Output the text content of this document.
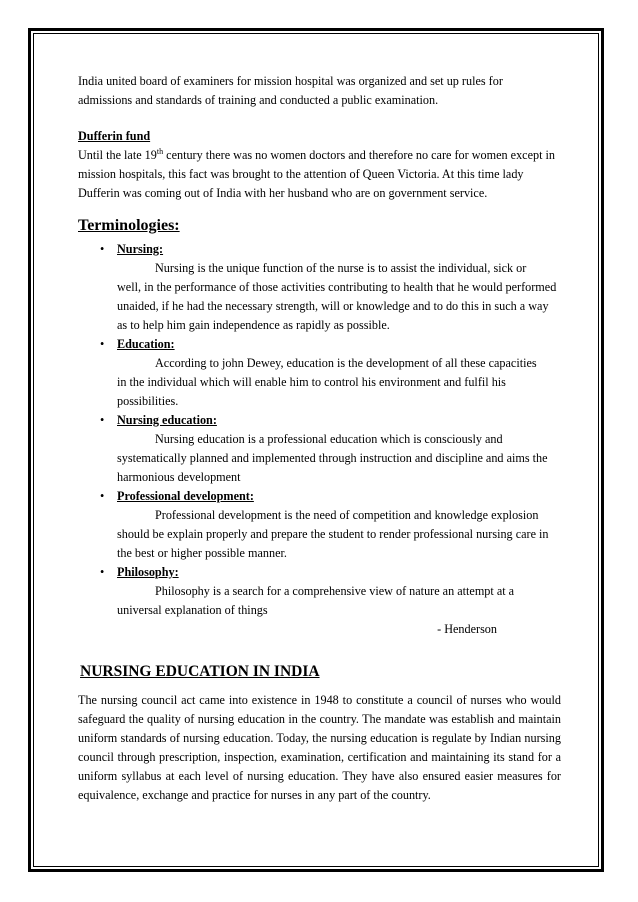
India united board of examiners for mission hospital was organized and set up rules for
admissions and standards of training and conducted a public examination.

Dufferin fund

Until the late 19th century there was no women doctors and therefore no care for women except in mission hospitals, this fact was brought to the attention of Queen Victoria. At this time lady Dufferin was coming out of India with her husband who are on government service.

Terminologies:

• Nursing:
Nursing is the unique function of the nurse is to assist the individual, sick or
well, in the performance of those activities contributing to health that he would performed unaided, if he had the necessary strength, will or knowledge and to do this in such a way as to help him gain independence as rapidly as possible.
• Education:
According to john Dewey, education is the development of all these capacities
in the individual which will enable him to control his environment and fulfil his possibilities.
• Nursing education:
Nursing education is a professional education which is consciously and
systematically planned and implemented through instruction and discipline and aims the harmonious development
• Professional development:
Professional development is the need of competition and knowledge explosion
should be explain properly and prepare the student to render professional nursing care in the best or higher possible manner.
• Philosophy:
Philosophy is a search for a comprehensive view of nature an attempt at a
universal explanation of things

- Henderson

NURSING EDUCATION IN INDIA

The nursing council act came into existence in 1948 to constitute a council of nurses who would safeguard the quality of nursing education in the country. The mandate was establish and maintain uniform standards of nursing education. Today, the nursing education is regulate by Indian nursing council through prescription, inspection, examination, certification and maintaining its stand for a uniform syllabus at each level of nursing education. They have also ensured easier measures for equivalence, exchange and practice for nurses in any part of the country.
